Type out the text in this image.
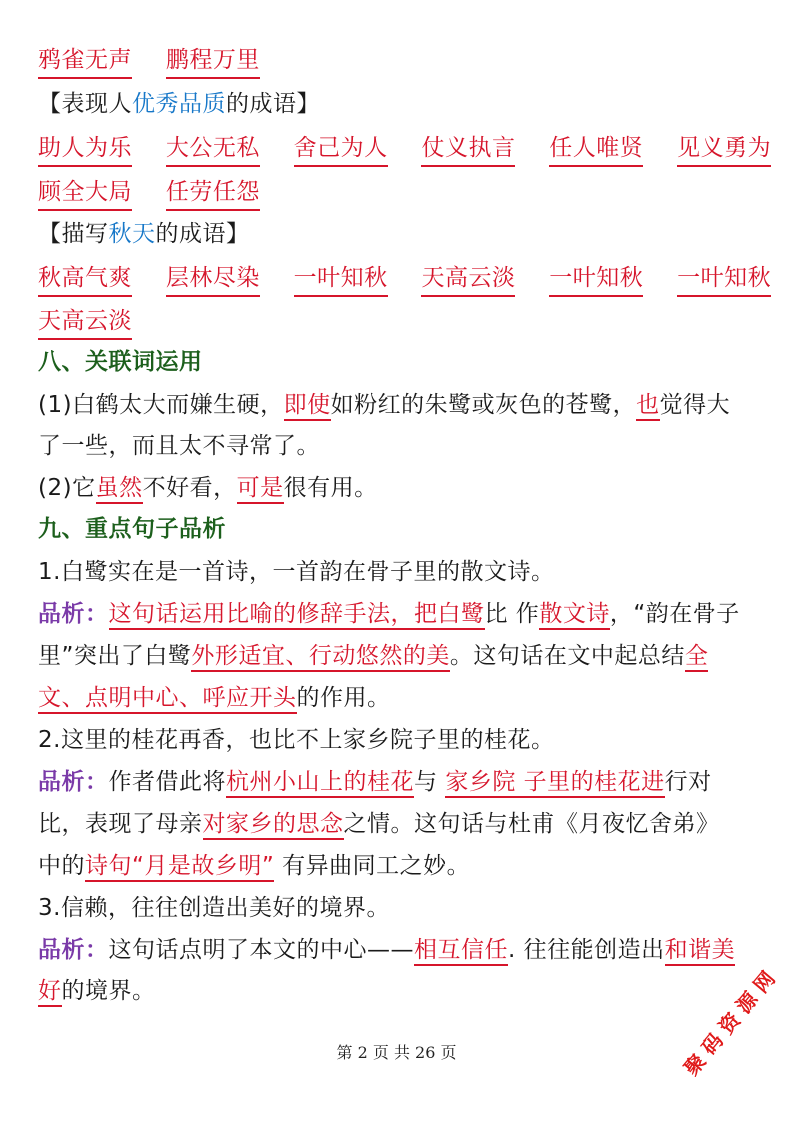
鸦雀无声 鹏程万里
【表现人优秀品质的成语】
助人为乐 大公无私 舍己为人 仗义执言 任人唯贤 见义勇为
顾全大局 任劳任怨
【描写秋天的成语】
秋高气爽 层林尽染 一叶知秋 天高云淡 一叶知秋 一叶知秋
天高云淡
八、关联词运用
(1)白鹤太大而嫌生硬，即使如粉红的朱鹭或灰色的苍鹭，也觉得大
了一些，而且太不寻常了。
(2)它虽然不好看，可是很有用。
九、重点句子品析
1.白鹭实在是一首诗，一首韵在骨子里的散文诗。
品析：这句话运用比喻的修辞手法，把白鹭比 作散文诗，“韵在骨子
里”突出了白鹭外形适宜、行动悠然的美。这句话在文中起总结全
文、点明中心、呼应开头的作用。
2.这里的桂花再香，也比不上家乡院子里的桂花。
品析：作者借此将杭州小山上的桂花与 家乡院 子里的桂花进行对
比，表现了母亲对家乡的思念之情。这句话与杜甫《月夜忆舍弟》
中的诗句“月是故乡明” 有异曲同工之妙。
3.信赖，往往创造出美好的境界。
品析：这句话点明了本文的中心——相互信任. 往往能创造出和谐美
好的境界。
第 2 页 共 26 页	聚 码 资 源 网
